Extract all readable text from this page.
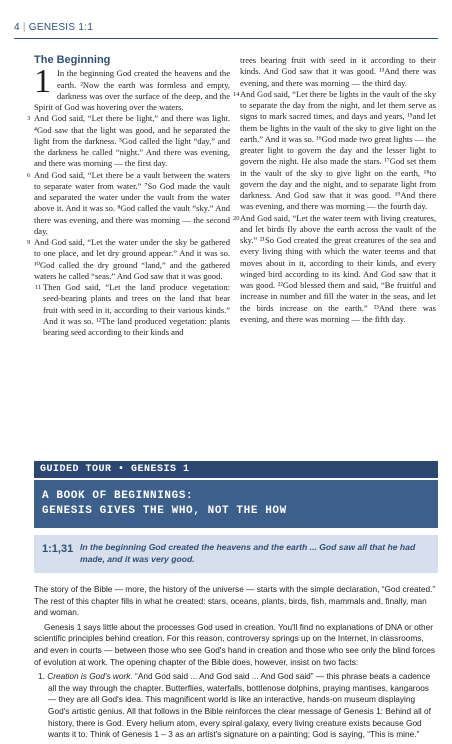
4 | GENESIS 1:1
The Beginning

1 In the beginning God created the heavens and the earth. ²Now the earth was formless and empty, darkness was over the surface of the deep, and the Spirit of God was hovering over the waters.

3 And God said, “Let there be light,” and there was light. ⁴God saw that the light was good, and he separated the light from the darkness. ⁵God called the light “day,” and the darkness he called “night.” And there was evening, and there was morning — the first day.

6 And God said, “Let there be a vault between the waters to separate water from water.” ⁷So God made the vault and separated the water under the vault from the water above it. And it was so. ⁸God called the vault “sky.” And there was evening, and there was morning — the second day.

9 And God said, “Let the water under the sky be gathered to one place, and let dry ground appear.” And it was so. ¹⁰God called the dry ground “land,” and the gathered waters he called “seas.” And God saw that it was good.

11 Then God said, “Let the land produce vegetation: seed-bearing plants and trees on the land that bear fruit with seed in it, according to their various kinds.” And it was so. ¹²The land produced vegetation: plants bearing seed according to their kinds and

trees bearing fruit with seed in it according to their kinds. And God saw that it was good. ¹³And there was evening, and there was morning — the third day.

14 And God said, “Let there be lights in the vault of the sky to separate the day from the night, and let them serve as signs to mark sacred times, and days and years, ¹⁵and let them be lights in the vault of the sky to give light on the earth.” And it was so. ¹⁶God made two great lights — the greater light to govern the day and the lesser light to govern the night. He also made the stars. ¹⁷God set them in the vault of the sky to give light on the earth, ¹⁸to govern the day and the night, and to separate light from darkness. And God saw that it was good. ¹⁹And there was evening, and there was morning — the fourth day.

20 And God said, “Let the water teem with living creatures, and let birds fly above the earth across the vault of the sky.” ²¹So God created the great creatures of the sea and every living thing with which the water teems and that moves about in it, according to their kinds, and every winged bird according to its kind. And God saw that it was good. ²²God blessed them and said, “Be fruitful and increase in number and fill the water in the seas, and let the birds increase on the earth.” ²³And there was evening, and there was morning — the fifth day.

GUIDED TOUR • GENESIS 1
A BOOK OF BEGINNINGS:
GENESIS GIVES THE WHO, NOT THE HOW
1:1,31 In the beginning God created the heavens and the earth ... God saw all that he had made, and it was very good.

The story of the Bible — more, the history of the universe — starts with the simple declaration, “God created.” The rest of this chapter fills in what he created: stars, oceans, plants, birds, fish, mammals and, finally, man and woman.

Genesis 1 says little about the processes God used in creation. You'll find no explanations of DNA or other scientific principles behind creation. For this reason, controversy springs up on the Internet, in classrooms, and even in courts — between those who see God's hand in creation and those who see only the blind forces of evolution at work. The opening chapter of the Bible does, however, insist on two facts:

1. Creation is God's work. “And God said ... And God said ... And God said” — this phrase beats a cadence all the way through the chapter. Butterflies, waterfalls, bottlenose dolphins, praying mantises, kangaroos — they are all God's idea. This magnificent world is like an interactive, hands-on museum displaying God's artistic genius. All that follows in the Bible reinforces the clear message of Genesis 1: Behind all of history, there is God. Every helium atom, every spiral galaxy, every living creature exists because God wants it to. Think of Genesis 1 – 3 as an artist's signature on a painting; God is saying, “This is mine.”
